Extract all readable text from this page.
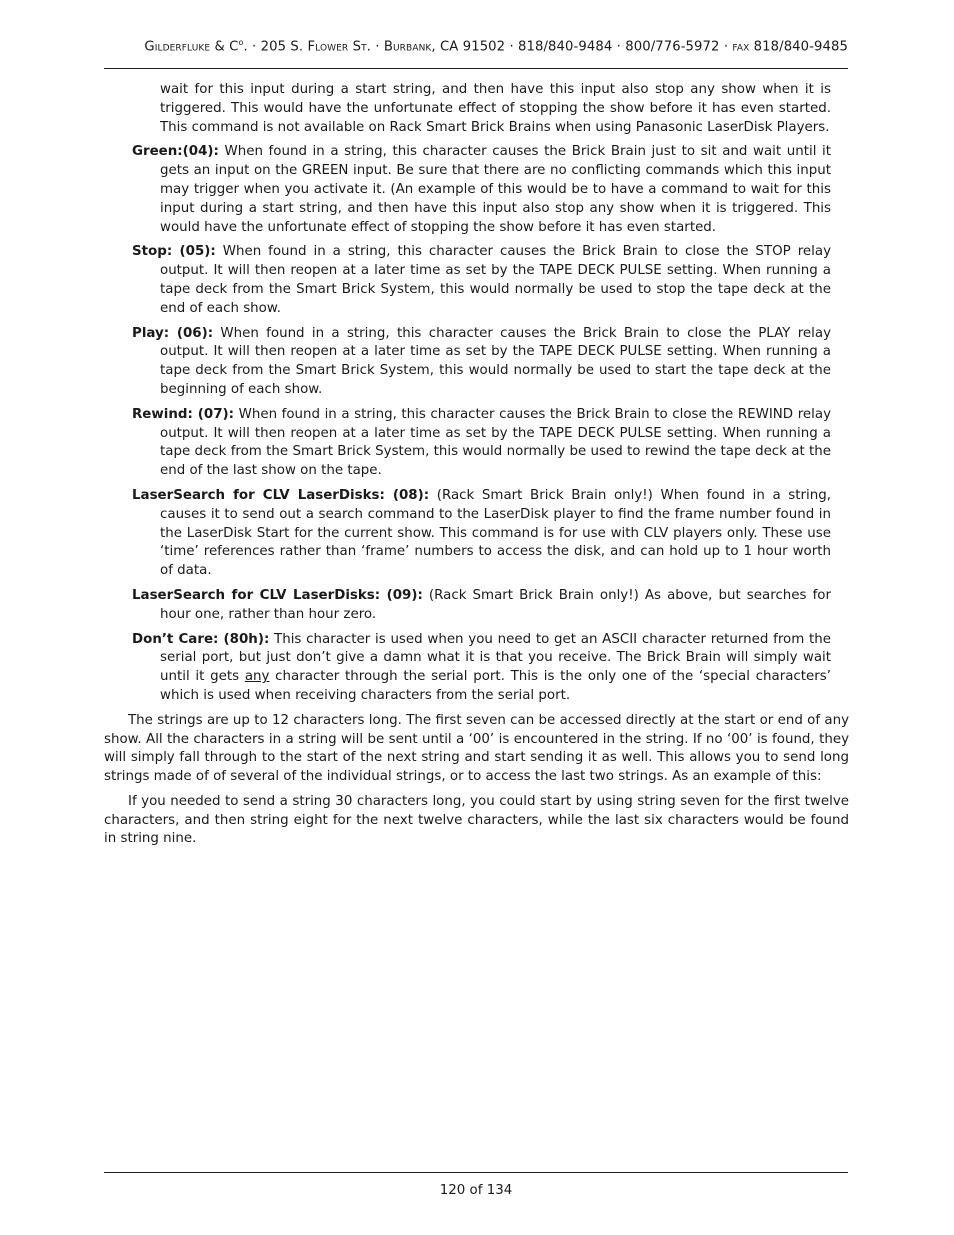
Gilderfluke & $C^o$. · 205 S. Flower St. · Burbank, CA 91502 · 818/840-9484 · 800/776-5972 · fax 818/840-9485

wait for this input during a start string, and then have this input also stop any show when it is triggered. This would have the unfortunate effect of stopping the show before it has even started. This command is not available on Rack Smart Brick Brains when using Panasonic LaserDisk Players.

Green:(04): When found in a string, this character causes the Brick Brain just to sit and wait until it gets an input on the GREEN input. Be sure that there are no conflicting commands which this input may trigger when you activate it. (An example of this would be to have a command to wait for this input during a start string, and then have this input also stop any show when it is triggered. This would have the unfortunate effect of stopping the show before it has even started.

Stop: (05): When found in a string, this character causes the Brick Brain to close the STOP relay output. It will then reopen at a later time as set by the TAPE DECK PULSE setting. When running a tape deck from the Smart Brick System, this would normally be used to stop the tape deck at the end of each show.

Play: (06): When found in a string, this character causes the Brick Brain to close the PLAY relay output. It will then reopen at a later time as set by the TAPE DECK PULSE setting. When running a tape deck from the Smart Brick System, this would normally be used to start the tape deck at the beginning of each show.

Rewind: (07): When found in a string, this character causes the Brick Brain to close the REWIND relay output. It will then reopen at a later time as set by the TAPE DECK PULSE setting. When running a tape deck from the Smart Brick System, this would normally be used to rewind the tape deck at the end of the last show on the tape.

LaserSearch for CLV LaserDisks: (08): (Rack Smart Brick Brain only!) When found in a string, causes it to send out a search command to the LaserDisk player to find the frame number found in the LaserDisk Start for the current show. This command is for use with CLV players only. These use ‘time’ references rather than ‘frame’ numbers to access the disk, and can hold up to 1 hour worth of data.

LaserSearch for CLV LaserDisks: (09): (Rack Smart Brick Brain only!) As above, but searches for hour one, rather than hour zero.

Don’t Care: (80h): This character is used when you need to get an ASCII character returned from the serial port, but just don’t give a damn what it is that you receive. The Brick Brain will simply wait until it gets any character through the serial port. This is the only one of the ‘special characters’ which is used when receiving characters from the serial port.

The strings are up to 12 characters long. The first seven can be accessed directly at the start or end of any show. All the characters in a string will be sent until a ‘00’ is encountered in the string. If no ‘00’ is found, they will simply fall through to the start of the next string and start sending it as well. This allows you to send long strings made of of several of the individual strings, or to access the last two strings. As an example of this:

If you needed to send a string 30 characters long, you could start by using string seven for the first twelve characters, and then string eight for the next twelve characters, while the last six characters would be found in string nine.

120 of 134
